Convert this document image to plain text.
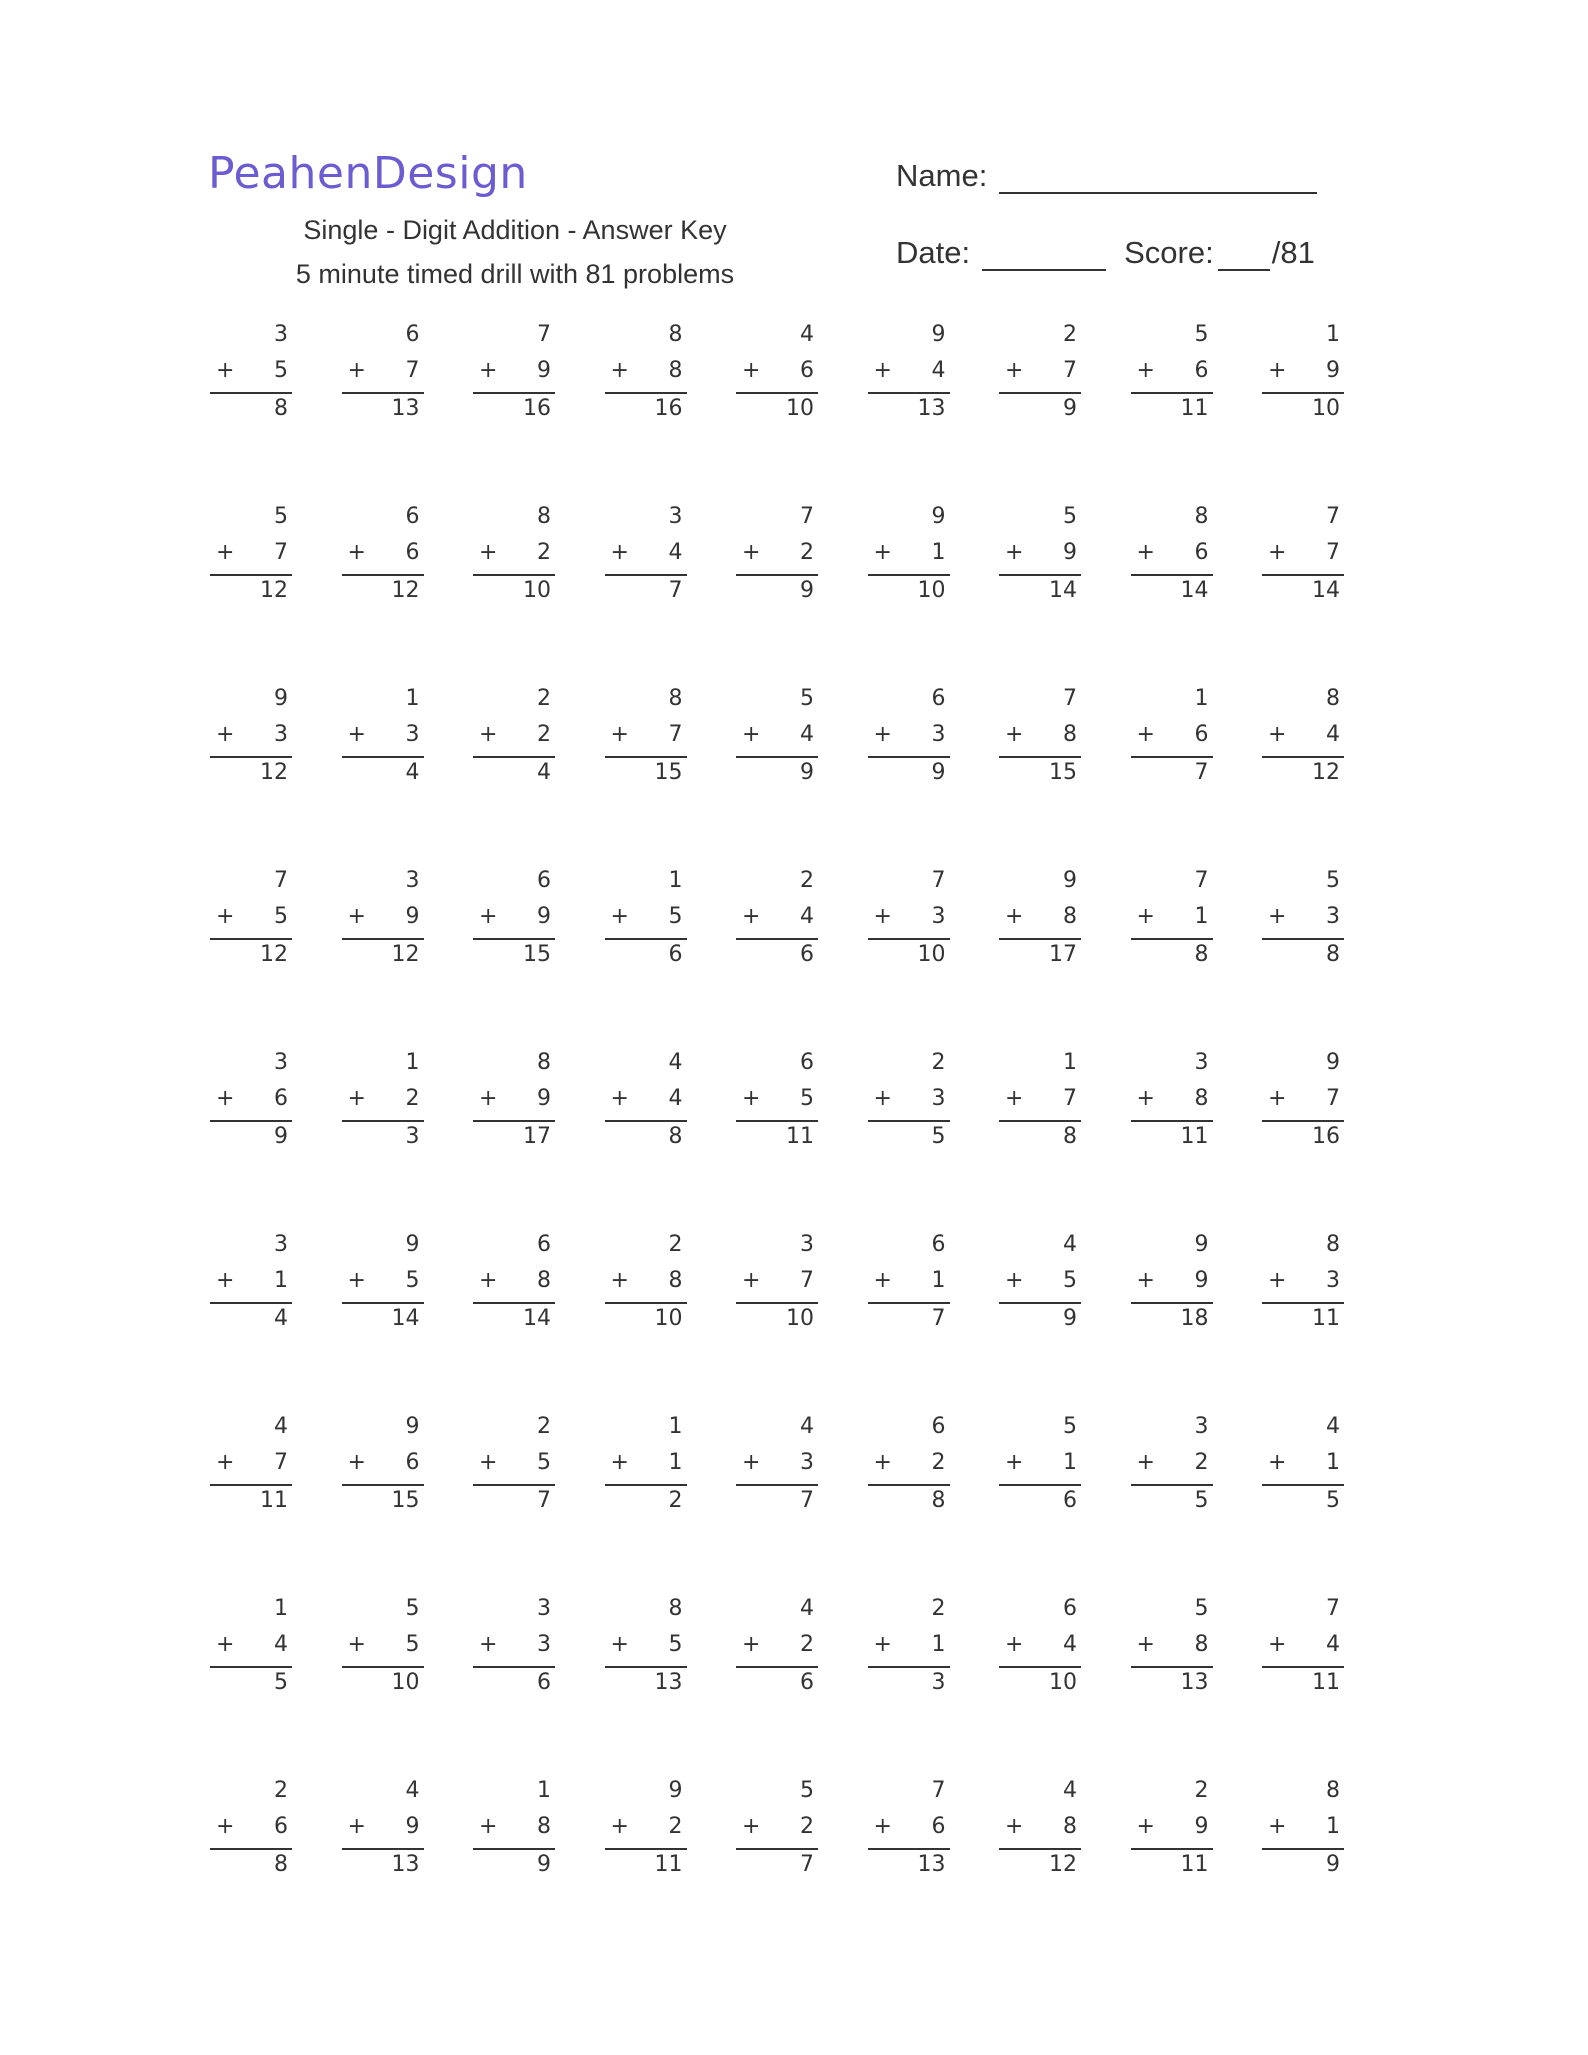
PeahenDesign
Single - Digit Addition - Answer Key
5 minute timed drill with 81 problems
Name:
Date:	Score: /81
3
+ 5
8
6
+ 7
13
7
+ 9
16
8
+ 8
16
4
+ 6
10
9
+ 4
13
2
+ 7
9
5
+ 6
11
1
+ 9
10
5
+ 7
12
6
+ 6
12
8
+ 2
10
3
+ 4
7
7
+ 2
9
9
+ 1
10
5
+ 9
14
8
+ 6
14
7
+ 7
14
9
+ 3
12
1
+ 3
4
2
+ 2
4
8
+ 7
15
5
+ 4
9
6
+ 3
9
7
+ 8
15
1
+ 6
7
8
+ 4
12
7
+ 5
12
3
+ 9
12
6
+ 9
15
1
+ 5
6
2
+ 4
6
7
+ 3
10
9
+ 8
17
7
+ 1
8
5
+ 3
8
3
+ 6
9
1
+ 2
3
8
+ 9
17
4
+ 4
8
6
+ 5
11
2
+ 3
5
1
+ 7
8
3
+ 8
11
9
+ 7
16
3
+ 1
4
9
+ 5
14
6
+ 8
14
2
+ 8
10
3
+ 7
10
6
+ 1
7
4
+ 5
9
9
+ 9
18
8
+ 3
11
4
+ 7
11
9
+ 6
15
2
+ 5
7
1
+ 1
2
4
+ 3
7
6
+ 2
8
5
+ 1
6
3
+ 2
5
4
+ 1
5
1
+ 4
5
5
+ 5
10
3
+ 3
6
8
+ 5
13
4
+ 2
6
2
+ 1
3
6
+ 4
10
5
+ 8
13
7
+ 4
11
2
+ 6
8
4
+ 9
13
1
+ 8
9
9
+ 2
11
5
+ 2
7
7
+ 6
13
4
+ 8
12
2
+ 9
11
8
+ 1
9
